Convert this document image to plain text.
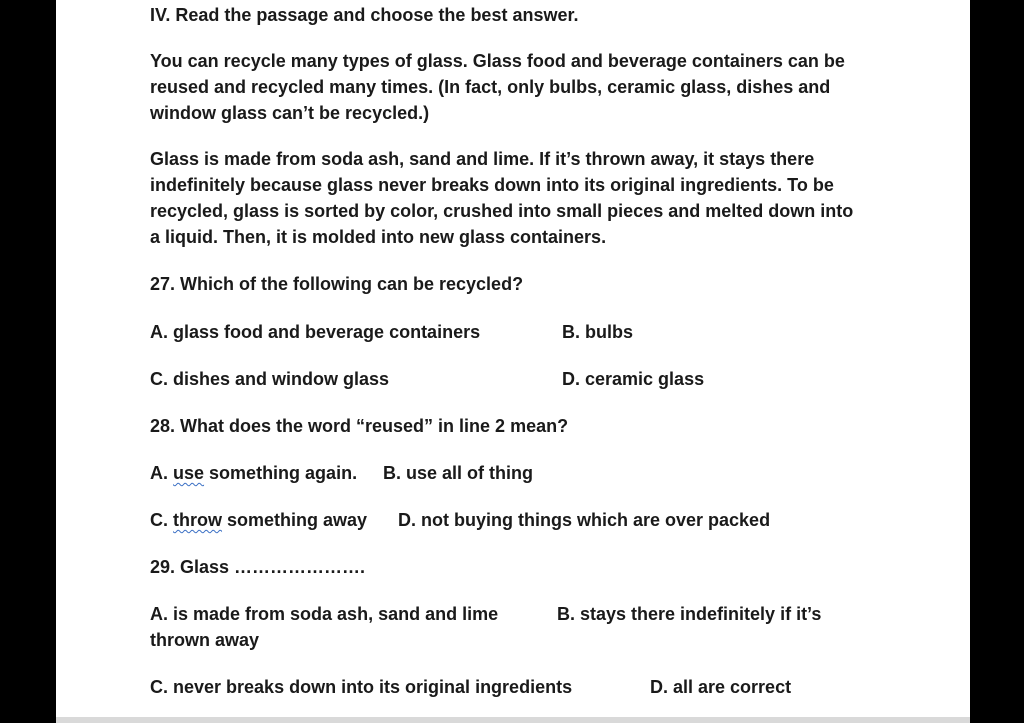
IV. Read the passage and choose the best answer.
You can recycle many types of glass. Glass food and beverage containers can be reused and recycled many times. (In fact, only bulbs, ceramic glass, dishes and window glass can’t be recycled.)
Glass is made from soda ash, sand and lime. If it’s thrown away, it stays there indefinitely because glass never breaks down into its original ingredients. To be recycled, glass is sorted by color, crushed into small pieces and melted down into a liquid. Then, it is molded into new glass containers.
27. Which of the following can be recycled?
A. glass food and beverage containers	B. bulbs
C. dishes and window glass	D. ceramic glass
28. What does the word “reused” in line 2 mean?
A. use something again. B. use all of thing
C. throw something away D. not buying things which are over packed
29. Glass ………………….
A. is made from soda ash, sand and lime	B. stays there indefinitely if it’s
thrown away
C. never breaks down into its original ingredients	D. all are correct
